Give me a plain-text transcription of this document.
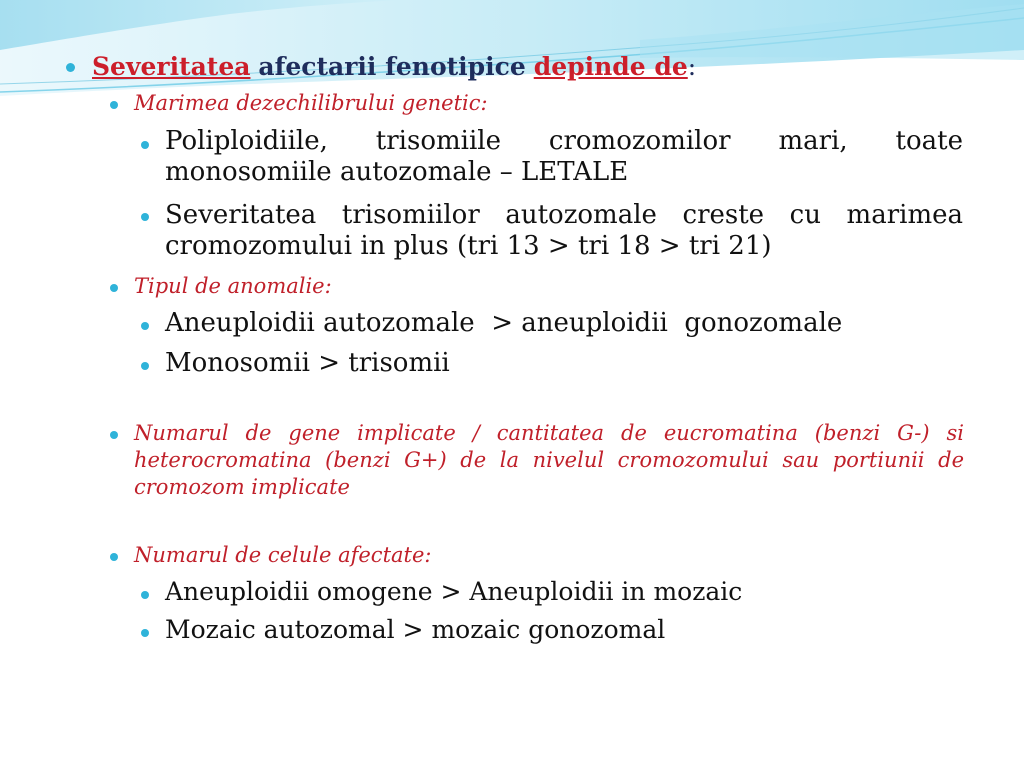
Severitatea afectarii fenotipice depinde de:
Marimea dezechilibrului genetic:
Poliploidiile, trisomiile cromozomilor mari, toate monosomiile autozomale – LETALE
Severitatea trisomiilor autozomale creste cu marimea cromozomului in plus (tri 13 > tri 18 > tri 21)
Tipul de anomalie:
Aneuploidii autozomale  > aneuploidii  gonozomale
Monosomii > trisomii
Numarul de gene implicate / cantitatea de eucromatina (benzi G-) si heterocromatina (benzi G+) de la nivelul cromozomului sau portiunii de cromozom implicate
Numarul de celule afectate:
Aneuploidii omogene > Aneuploidii in mozaic
Mozaic autozomal > mozaic gonozomal
